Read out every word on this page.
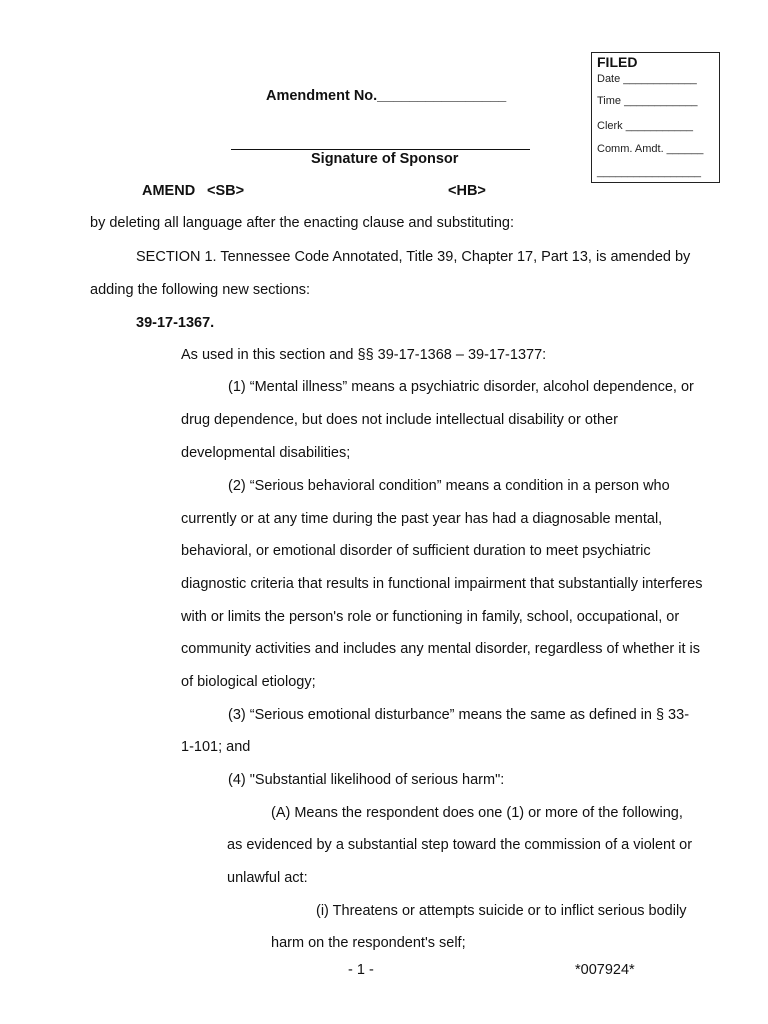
FILED
Date ____________
Time ____________
Clerk ___________
Comm. Amdt. ______
_________________
Amendment No.________________
Signature of Sponsor
AMEND <SB>	<HB>
by deleting all language after the enacting clause and substituting:
SECTION 1. Tennessee Code Annotated, Title 39, Chapter 17, Part 13, is amended by
adding the following new sections:
39-17-1367.
As used in this section and §§ 39-17-1368 – 39-17-1377:
(1) “Mental illness” means a psychiatric disorder, alcohol dependence, or
drug dependence, but does not include intellectual disability or other
developmental disabilities;
(2) “Serious behavioral condition” means a condition in a person who
currently or at any time during the past year has had a diagnosable mental,
behavioral, or emotional disorder of sufficient duration to meet psychiatric
diagnostic criteria that results in functional impairment that substantially interferes
with or limits the person's role or functioning in family, school, occupational, or
community activities and includes any mental disorder, regardless of whether it is
of biological etiology;
(3) “Serious emotional disturbance” means the same as defined in § 33-
1-101; and
(4) "Substantial likelihood of serious harm":
(A) Means the respondent does one (1) or more of the following,
as evidenced by a substantial step toward the commission of a violent or
unlawful act:
(i) Threatens or attempts suicide or to inflict serious bodily
harm on the respondent's self;
- 1 -	*007924*
